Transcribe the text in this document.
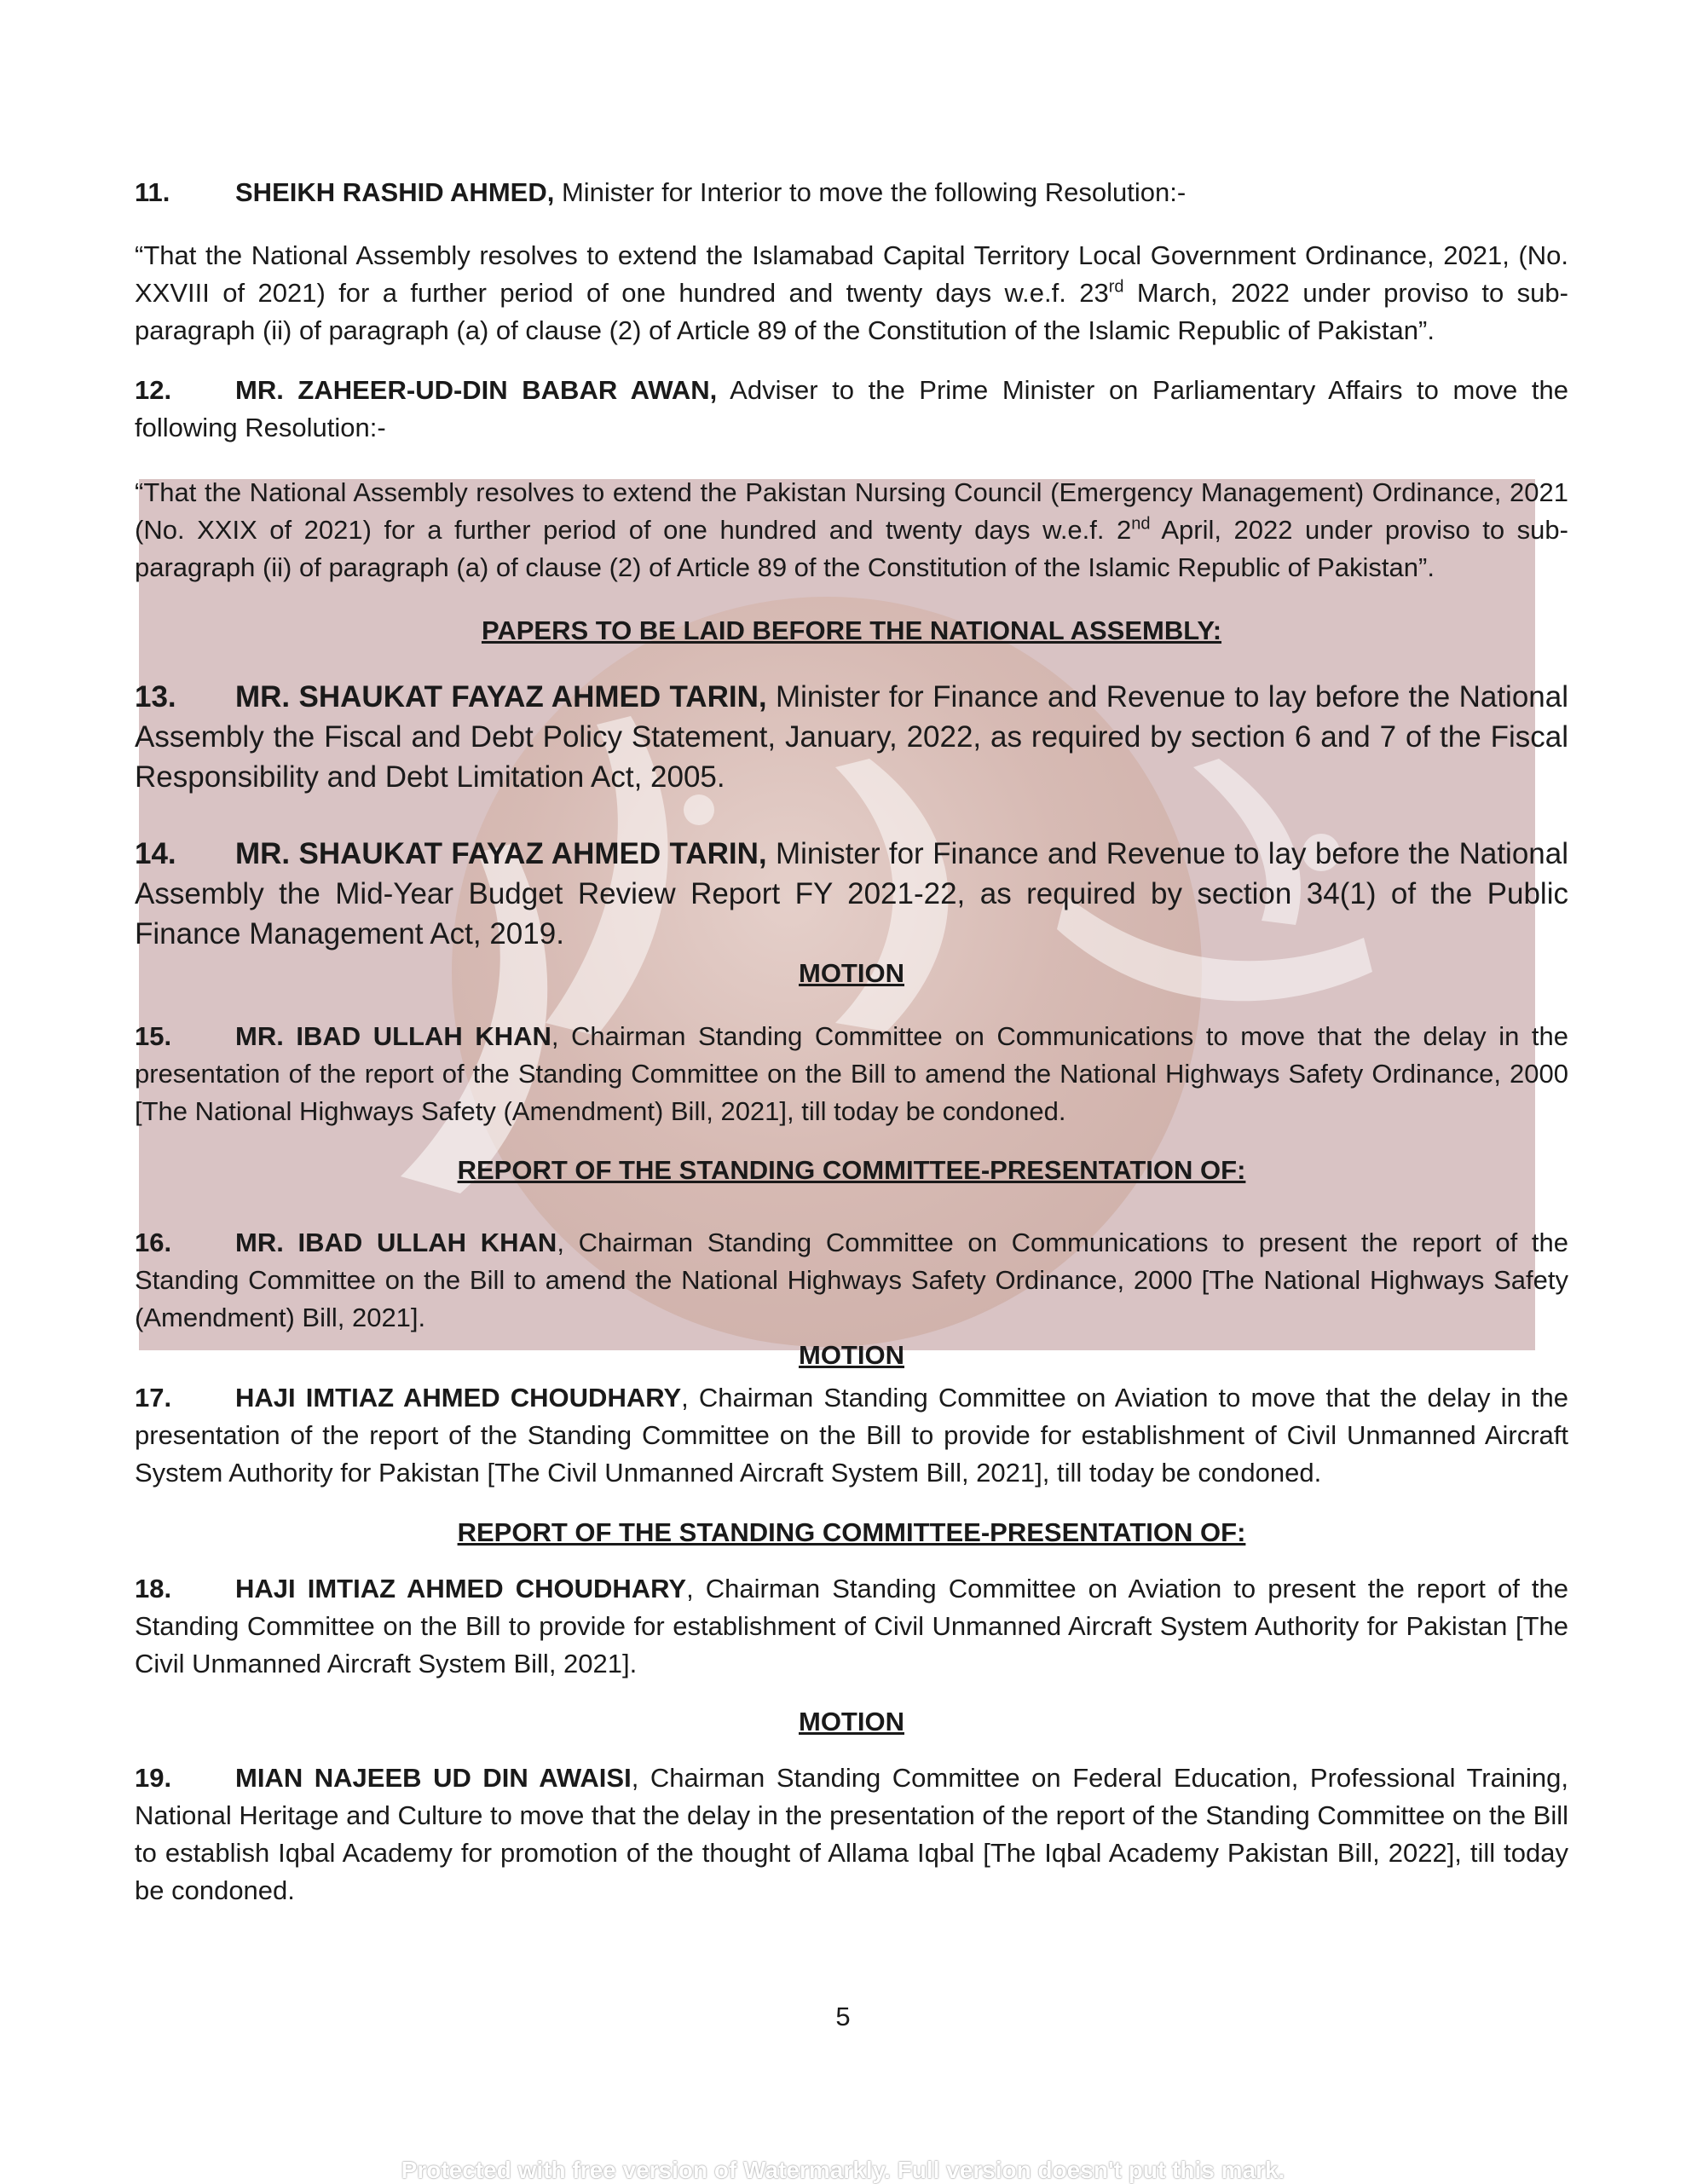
11. SHEIKH RASHID AHMED, Minister for Interior to move the following Resolution:-
“That the National Assembly resolves to extend the Islamabad Capital Territory Local Government Ordinance, 2021, (No. XXVIII of 2021) for a further period of one hundred and twenty days w.e.f. 23rd March, 2022 under proviso to sub-paragraph (ii) of paragraph (a) of clause (2) of Article 89 of the Constitution of the Islamic Republic of Pakistan”.
12. MR. ZAHEER-UD-DIN BABAR AWAN, Adviser to the Prime Minister on Parliamentary Affairs to move the following Resolution:-
“That the National Assembly resolves to extend the Pakistan Nursing Council (Emergency Management) Ordinance, 2021 (No. XXIX of 2021) for a further period of one hundred and twenty days w.e.f. 2nd April, 2022 under proviso to sub-paragraph (ii) of paragraph (a) of clause (2) of Article 89 of the Constitution of the Islamic Republic of Pakistan”.
PAPERS TO BE LAID BEFORE THE NATIONAL ASSEMBLY:
13. MR. SHAUKAT FAYAZ AHMED TARIN, Minister for Finance and Revenue to lay before the National Assembly the Fiscal and Debt Policy Statement, January, 2022, as required by section 6 and 7 of the Fiscal Responsibility and Debt Limitation Act, 2005.
14. MR. SHAUKAT FAYAZ AHMED TARIN, Minister for Finance and Revenue to lay before the National Assembly the Mid-Year Budget Review Report FY 2021-22, as required by section 34(1) of the Public Finance Management Act, 2019.
MOTION
15. MR. IBAD ULLAH KHAN, Chairman Standing Committee on Communications to move that the delay in the presentation of the report of the Standing Committee on the Bill to amend the National Highways Safety Ordinance, 2000 [The National Highways Safety (Amendment) Bill, 2021], till today be condoned.
REPORT OF THE STANDING COMMITTEE-PRESENTATION OF:
16. MR. IBAD ULLAH KHAN, Chairman Standing Committee on Communications to present the report of the Standing Committee on the Bill to amend the National Highways Safety Ordinance, 2000 [The National Highways Safety (Amendment) Bill, 2021].
MOTION
17. HAJI IMTIAZ AHMED CHOUDHARY, Chairman Standing Committee on Aviation to move that the delay in the presentation of the report of the Standing Committee on the Bill to provide for establishment of Civil Unmanned Aircraft System Authority for Pakistan [The Civil Unmanned Aircraft System Bill, 2021], till today be condoned.
REPORT OF THE STANDING COMMITTEE-PRESENTATION OF:
18. HAJI IMTIAZ AHMED CHOUDHARY, Chairman Standing Committee on Aviation to present the report of the Standing Committee on the Bill to provide for establishment of Civil Unmanned Aircraft System Authority for Pakistan [The Civil Unmanned Aircraft System Bill, 2021].
MOTION
19. MIAN NAJEEB UD DIN AWAISI, Chairman Standing Committee on Federal Education, Professional Training, National Heritage and Culture to move that the delay in the presentation of the report of the Standing Committee on the Bill to establish Iqbal Academy for promotion of the thought of Allama Iqbal [The Iqbal Academy Pakistan Bill, 2022], till today be condoned.
5
Protected with free version of Watermarkly. Full version doesn't put this mark.
